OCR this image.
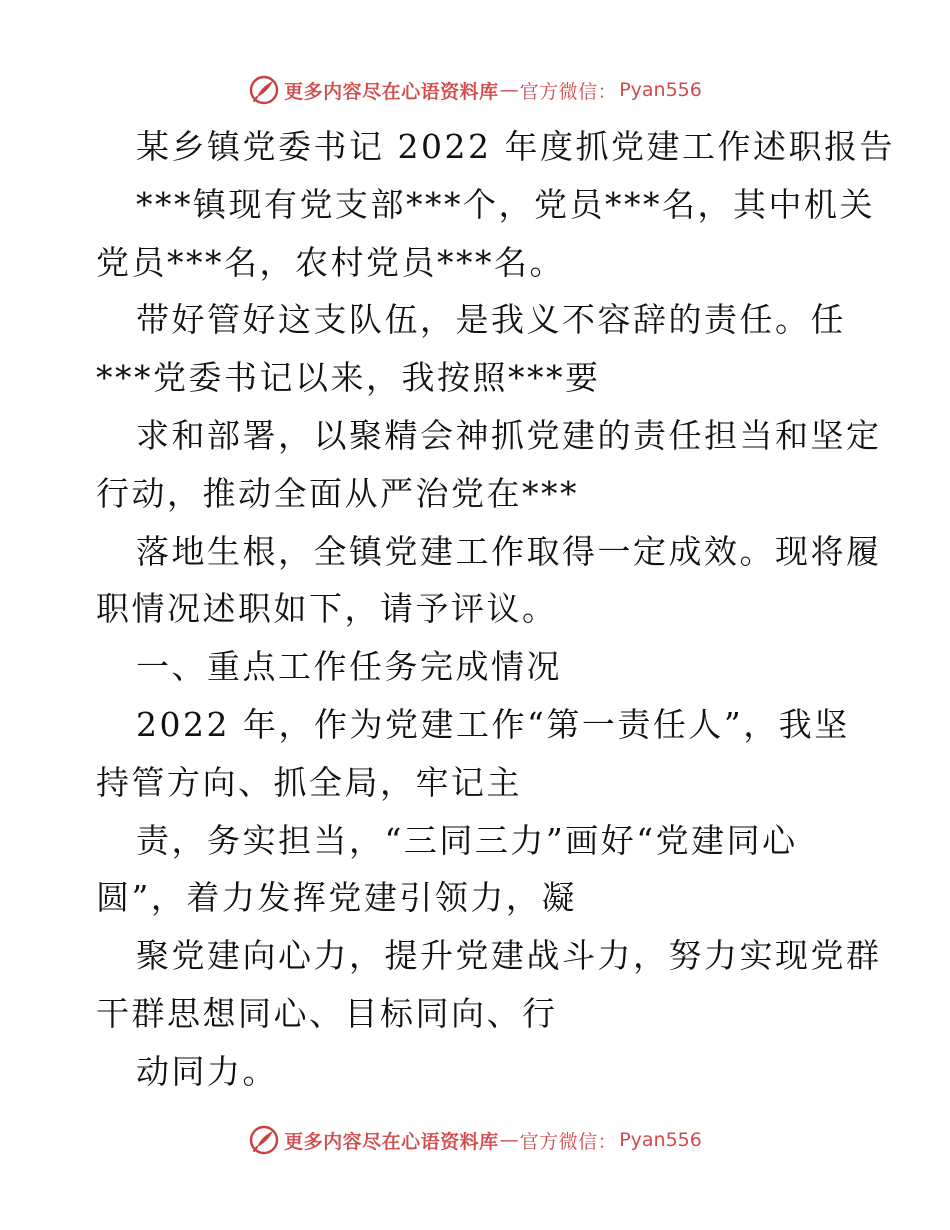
更多内容尽在心语资料库 — 官方微信： Pyan556
某乡镇党委书记 2022 年度抓党建工作述职报告
***镇现有党支部***个，党员***名，其中机关
党员***名，农村党员***名。
带好管好这支队伍，是我义不容辞的责任。任
***党委书记以来，我按照***要
求和部署，以聚精会神抓党建的责任担当和坚定
行动，推动全面从严治党在***
落地生根，全镇党建工作取得一定成效。现将履
职情况述职如下，请予评议。
一、重点工作任务完成情况
2022 年，作为党建工作“第一责任人”，我坚
持管方向、抓全局，牢记主
责，务实担当，“三同三力”画好“党建同心
圆”，着力发挥党建引领力，凝
聚党建向心力，提升党建战斗力，努力实现党群
干群思想同心、目标同向、行
动同力。
更多内容尽在心语资料库 — 官方微信： Pyan556
